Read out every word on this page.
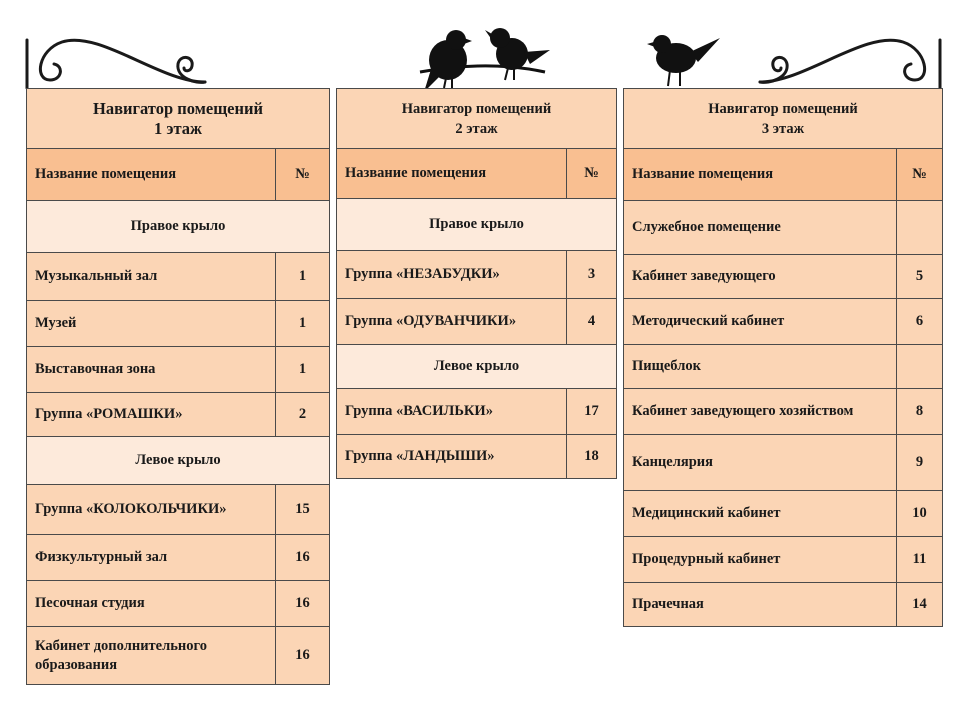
Навигатор помещений
1 этаж	

Название помещения	№
Правое крыло	
Музыкальный зал	1
Музей	1
Выставочная зона	1
Группа «РОМАШКИ»	2
Левое крыло	
Группа «КОЛОКОЛЬЧИКИ»	15
Физкультурный зал	16
Песочная студия	16
Кабинет дополнительного образования	16
Навигатор помещений
2 этаж	

Название помещения	№
Правое крыло	
Группа «НЕЗАБУДКИ»	3
Группа «ОДУВАНЧИКИ»	4
Левое крыло	
Группа «ВАСИЛЬКИ»	17
Группа «ЛАНДЫШИ»	18
Навигатор помещений
3 этаж	

Название помещения	№
Служебное помещение	
Кабинет заведующего	5
Методический кабинет	6
Пищеблок	
Кабинет заведующего хозяйством	8
Канцелярия	9
Медицинский кабинет	10
Процедурный кабинет	11
Прачечная	14
